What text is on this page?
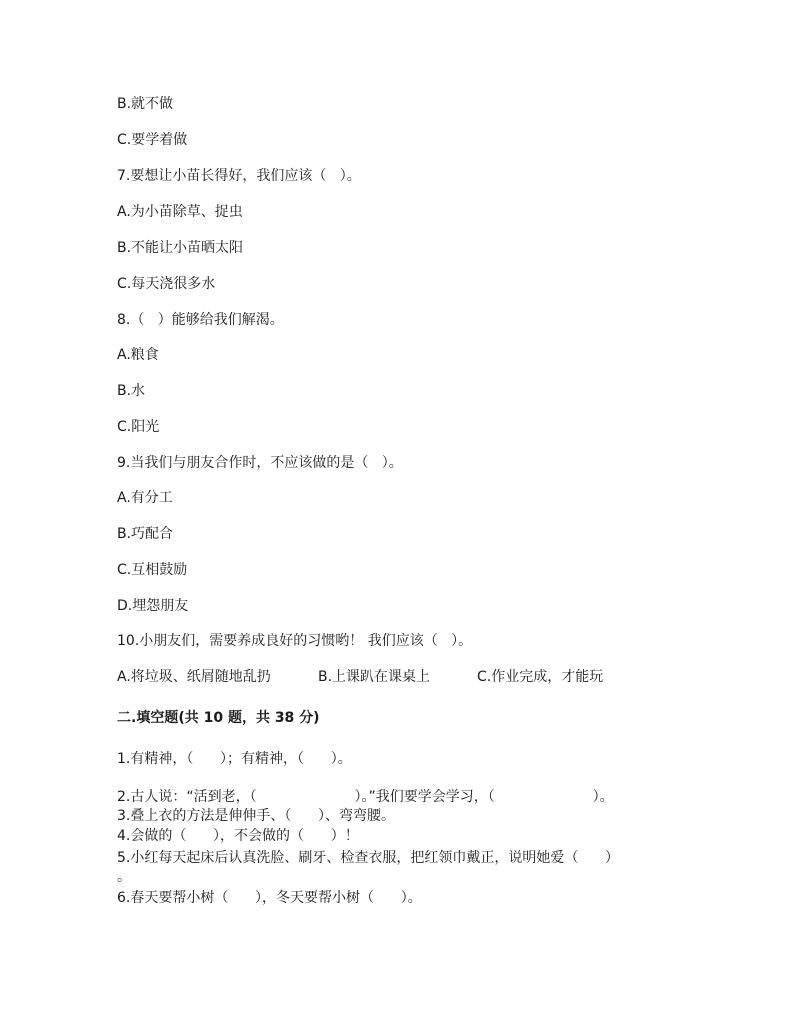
B.就不做
C.要学着做
7.要想让小苗长得好，我们应该（   ）。
A.为小苗除草、捉虫
B.不能让小苗晒太阳
C.每天浇很多水
8.（   ）能够给我们解渴。
A.粮食
B.水
C.阳光
9.当我们与朋友合作时，不应该做的是（   ）。
A.有分工
B.巧配合
C.互相鼓励
D.埋怨朋友
10.小朋友们，需要养成良好的习惯哟！ 我们应该（   ）。
A.将垃圾、纸屑随地乱扔	B.上课趴在课桌上	C.作业完成，才能玩
二.填空题(共 10 题，共 38 分)
1.有精神，（      ）；有精神，（      ）。
2.古人说：“活到老，（                      ）。”我们要学会学习，（                      ）。
3.叠上衣的方法是伸伸手、（      ）、弯弯腰。
4.会做的（      ），不会做的（      ）！
5.小红每天起床后认真洗脸、刷牙、检查衣服，把红领巾戴正，说明她爱（      ）
。
6.春天要帮小树（      ），冬天要帮小树（      ）。
